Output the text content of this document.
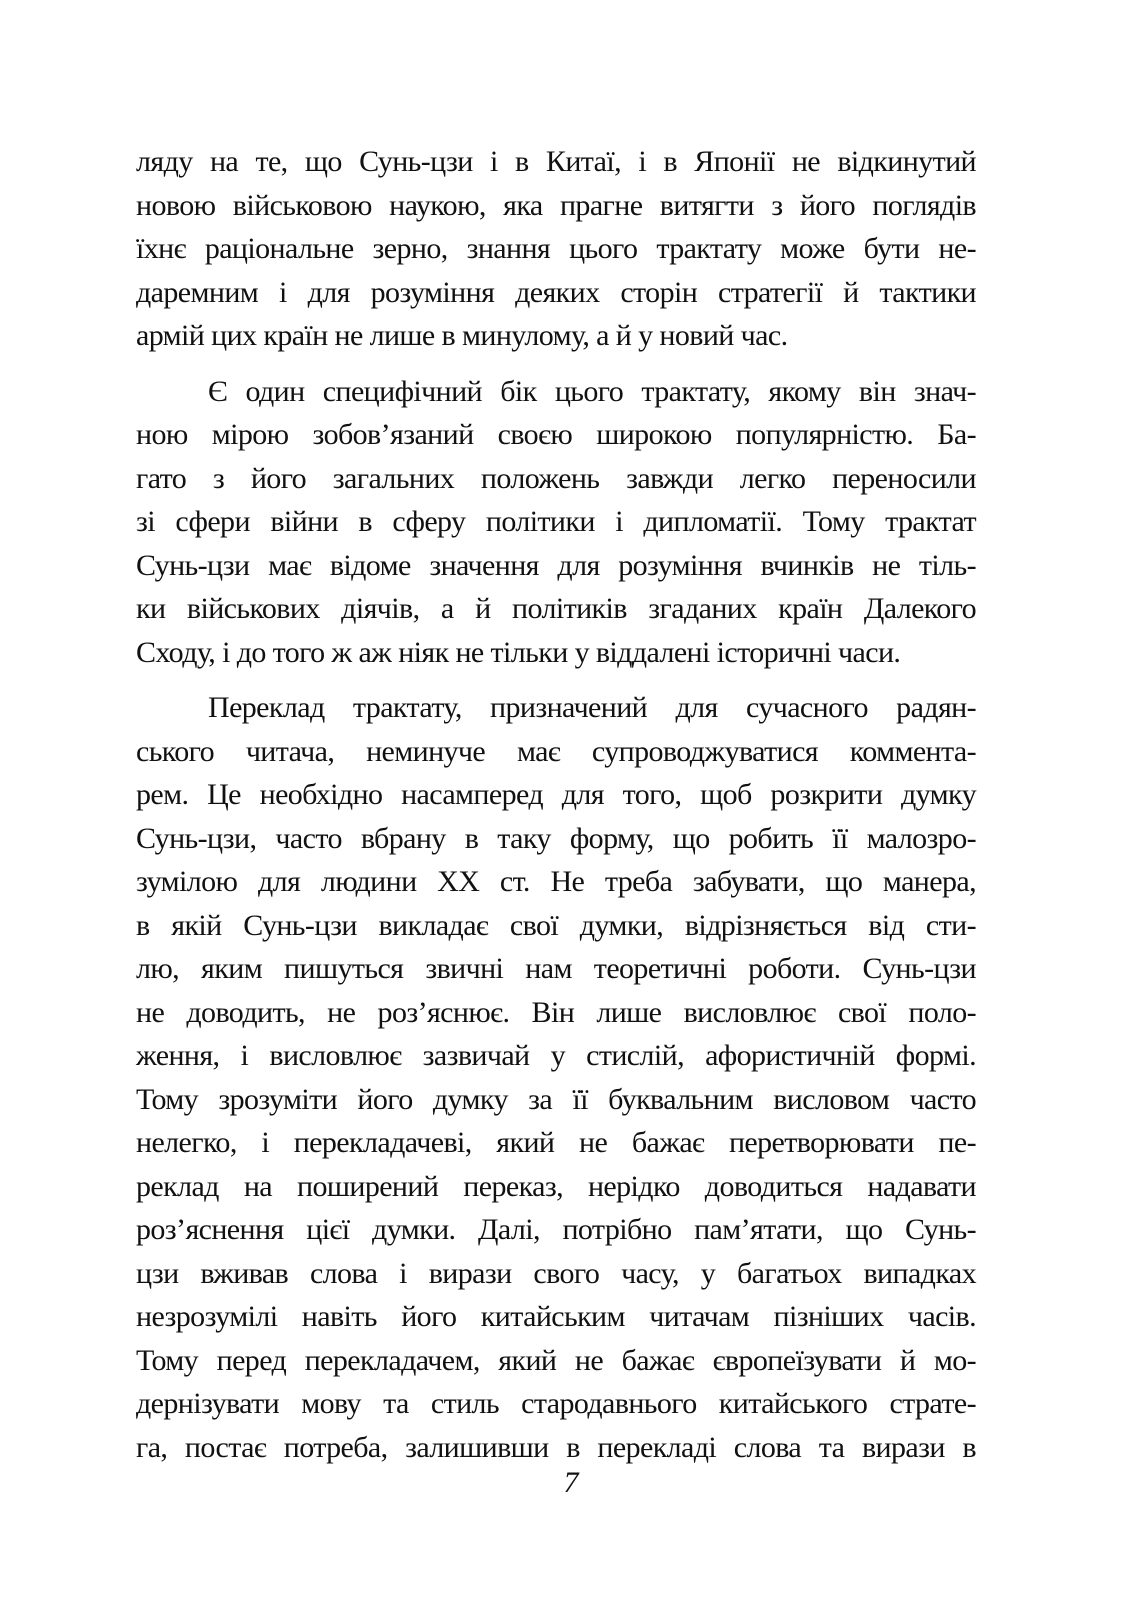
ляду на те, що Сунь-цзи і в Китаї, і в Японії не відкинутий
новою військовою наукою, яка прагне витягти з його поглядів
їхнє раціональне зерно, знання цього трактату може бути не-
даремним і для розуміння деяких сторін стратегії й тактики
армій цих країн не лише в минулому, а й у новий час.
Є один специфічний бік цього трактату, якому він знач-
ною мірою зобов’язаний своєю широкою популярністю. Ба-
гато з його загальних положень завжди легко переносили
зі сфери війни в сферу політики і дипломатії. Тому трактат
Сунь-цзи має відоме значення для розуміння вчинків не тіль-
ки військових діячів, а й політиків згаданих країн Далекого
Сходу, і до того ж аж ніяк не тільки у віддалені історичні часи.
Переклад трактату, призначений для сучасного радян-
ського читача, неминуче має супроводжуватися коммента-
рем. Це необхідно насамперед для того, щоб розкрити думку
Сунь-цзи, часто вбрану в таку форму, що робить її малозро-
зумілою для людини XX ст. Не треба забувати, що манера,
в якій Сунь-цзи викладає свої думки, відрізняється від сти-
лю, яким пишуться звичні нам теоретичні роботи. Сунь-цзи
не доводить, не роз’яснює. Він лише висловлює свої поло-
ження, і висловлює зазвичай у стислій, афористичній формі.
Тому зрозуміти його думку за її буквальним висловом часто
нелегко, і перекладачеві, який не бажає перетворювати пе-
реклад на поширений переказ, нерідко доводиться надавати
роз’яснення цієї думки. Далі, потрібно пам’ятати, що Сунь-
цзи вживав слова і вирази свого часу, у багатьох випадках
незрозумілі навіть його китайським читачам пізніших часів.
Тому перед перекладачем, який не бажає європеїзувати й мо-
дернізувати мову та стиль стародавнього китайського страте-
га, постає потреба, залишивши в перекладі слова та вирази в
7
